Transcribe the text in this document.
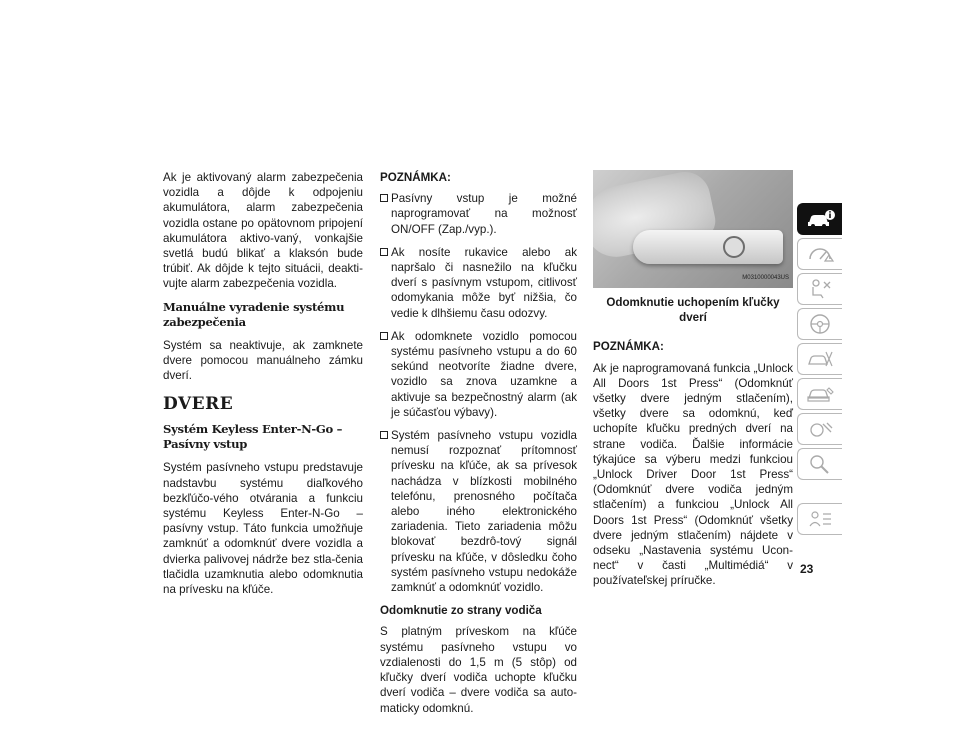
Ak je aktivovaný alarm zabezpečenia vozidla a dôjde k odpojeniu akumulátora, alarm zabezpečenia vozidla ostane po opätovnom pripojení akumulátora aktivo-vaný, vonkajšie svetlá budú blikať a klaksón bude trúbiť. Ak dôjde k tejto situácii, deakti-vujte alarm zabezpečenia vozidla.

Manuálne vyradenie systému zabezpečenia

Systém sa neaktivuje, ak zamknete dvere pomocou manuálneho zámku dverí.

DVERE
Systém Keyless Enter-N-Go – Pasívny vstup

Systém pasívneho vstupu predstavuje nadstavbu systému diaľkového bezkľúčo-vého otvárania a funkciu systému Keyless Enter-N-Go – pasívny vstup. Táto funkcia umožňuje zamknúť a odomknúť dvere vozidla a dvierka palivovej nádrže bez stla-čenia tlačidla uzamknutia alebo odomknutia na prívesku na kľúče.

POZNÁMKA:
Pasívny vstup je možné naprogramovať na možnosť ON/OFF (Zap./vyp.).
Ak nosíte rukavice alebo ak napršalo či nasnežilo na kľučku dverí s pasívnym vstupom, citlivosť odomykania môže byť nižšia, čo vedie k dlhšiemu času odozvy.
Ak odomknete vozidlo pomocou systému pasívneho vstupu a do 60 sekúnd neotvoríte žiadne dvere, vozidlo sa znova uzamkne a aktivuje sa bezpečnostný alarm (ak je súčasťou výbavy).
Systém pasívneho vstupu vozidla nemusí rozpoznať prítomnosť prívesku na kľúče, ak sa prívesok nachádza v blízkosti mobilného telefónu, prenosného počítača alebo iného elektronického zariadenia. Tieto zariadenia môžu blokovať bezdrô-tový signál prívesku na kľúče, v dôsledku čoho systém pasívneho vstupu nedokáže zamknúť a odomknúť vozidlo.
Odomknutie zo strany vodiča

S platným príveskom na kľúče systému pasívneho vstupu vo vzdialenosti do 1,5 m (5 stôp) od kľučky dverí vodiča uchopte kľučku dverí vodiča – dvere vodiča sa auto-maticky odomknú.

M0310000043US
Odomknutie uchopením kľučky dverí
POZNÁMKA:

Ak je naprogramovaná funkcia „Unlock All Doors 1st Press“ (Odomknúť všetky dvere jedným stlačením), všetky dvere sa odomknú, keď uchopíte kľučku predných dverí na strane vodiča. Ďalšie informácie týkajúce sa výberu medzi funkciou „Unlock Driver Door 1st Press“ (Odomknúť dvere vodiča jedným stlačením) a funkciou „Unlock All Doors 1st Press“ (Odomknúť všetky dvere jedným stlačením) nájdete v odseku „Nastavenia systému Ucon-nect“ v časti „Multimédiá“ v používateľskej príručke.

23
